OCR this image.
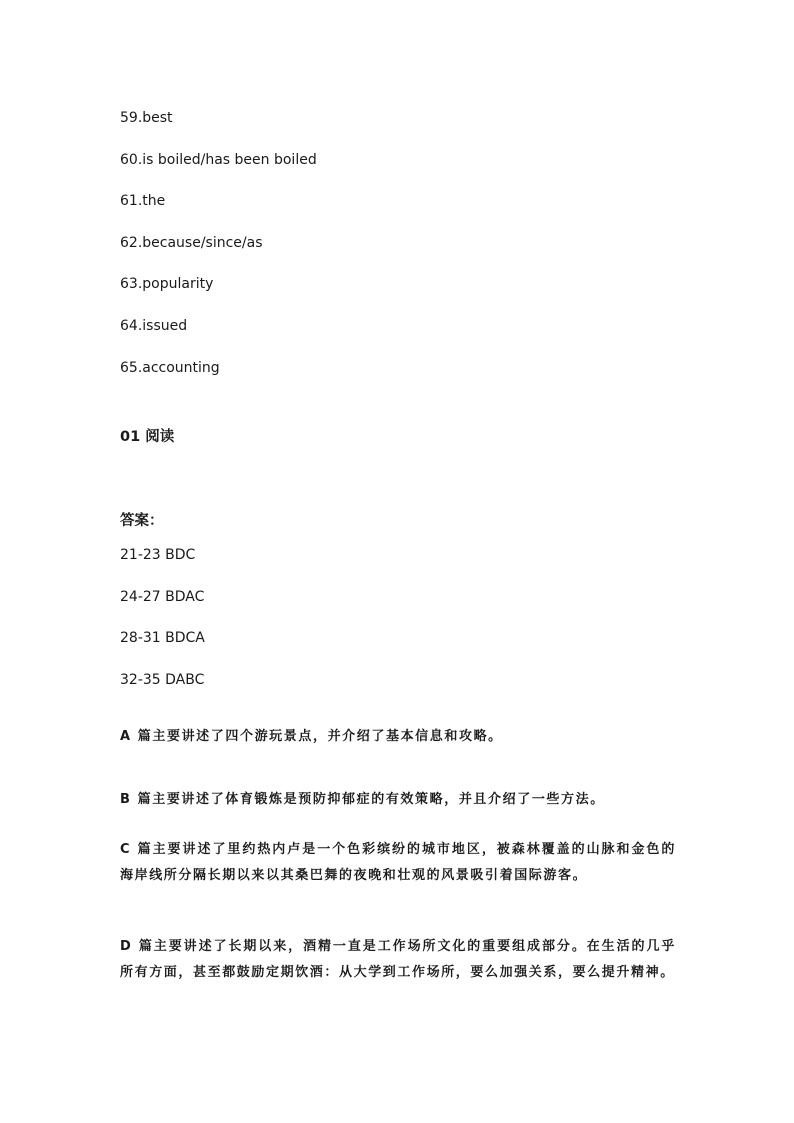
59.best
60.is boiled/has been boiled
61.the
62.because/since/as
63.popularity
64.issued
65.accounting
01 阅读
答案：
21-23 BDC
24-27 BDAC
28-31 BDCA
32-35 DABC
A 篇主要讲述了四个游玩景点，并介绍了基本信息和攻略。
B 篇主要讲述了体育锻炼是预防抑郁症的有效策略，并且介绍了一些方法。
C 篇主要讲述了里约热内卢是一个色彩缤纷的城市地区，被森林覆盖的山脉和金色的海岸线所分隔长期以来以其桑巴舞的夜晚和壮观的风景吸引着国际游客。
D 篇主要讲述了长期以来，酒精一直是工作场所文化的重要组成部分。在生活的几乎所有方面，甚至都鼓励定期饮酒：从大学到工作场所，要么加强关系，要么提升精神。
